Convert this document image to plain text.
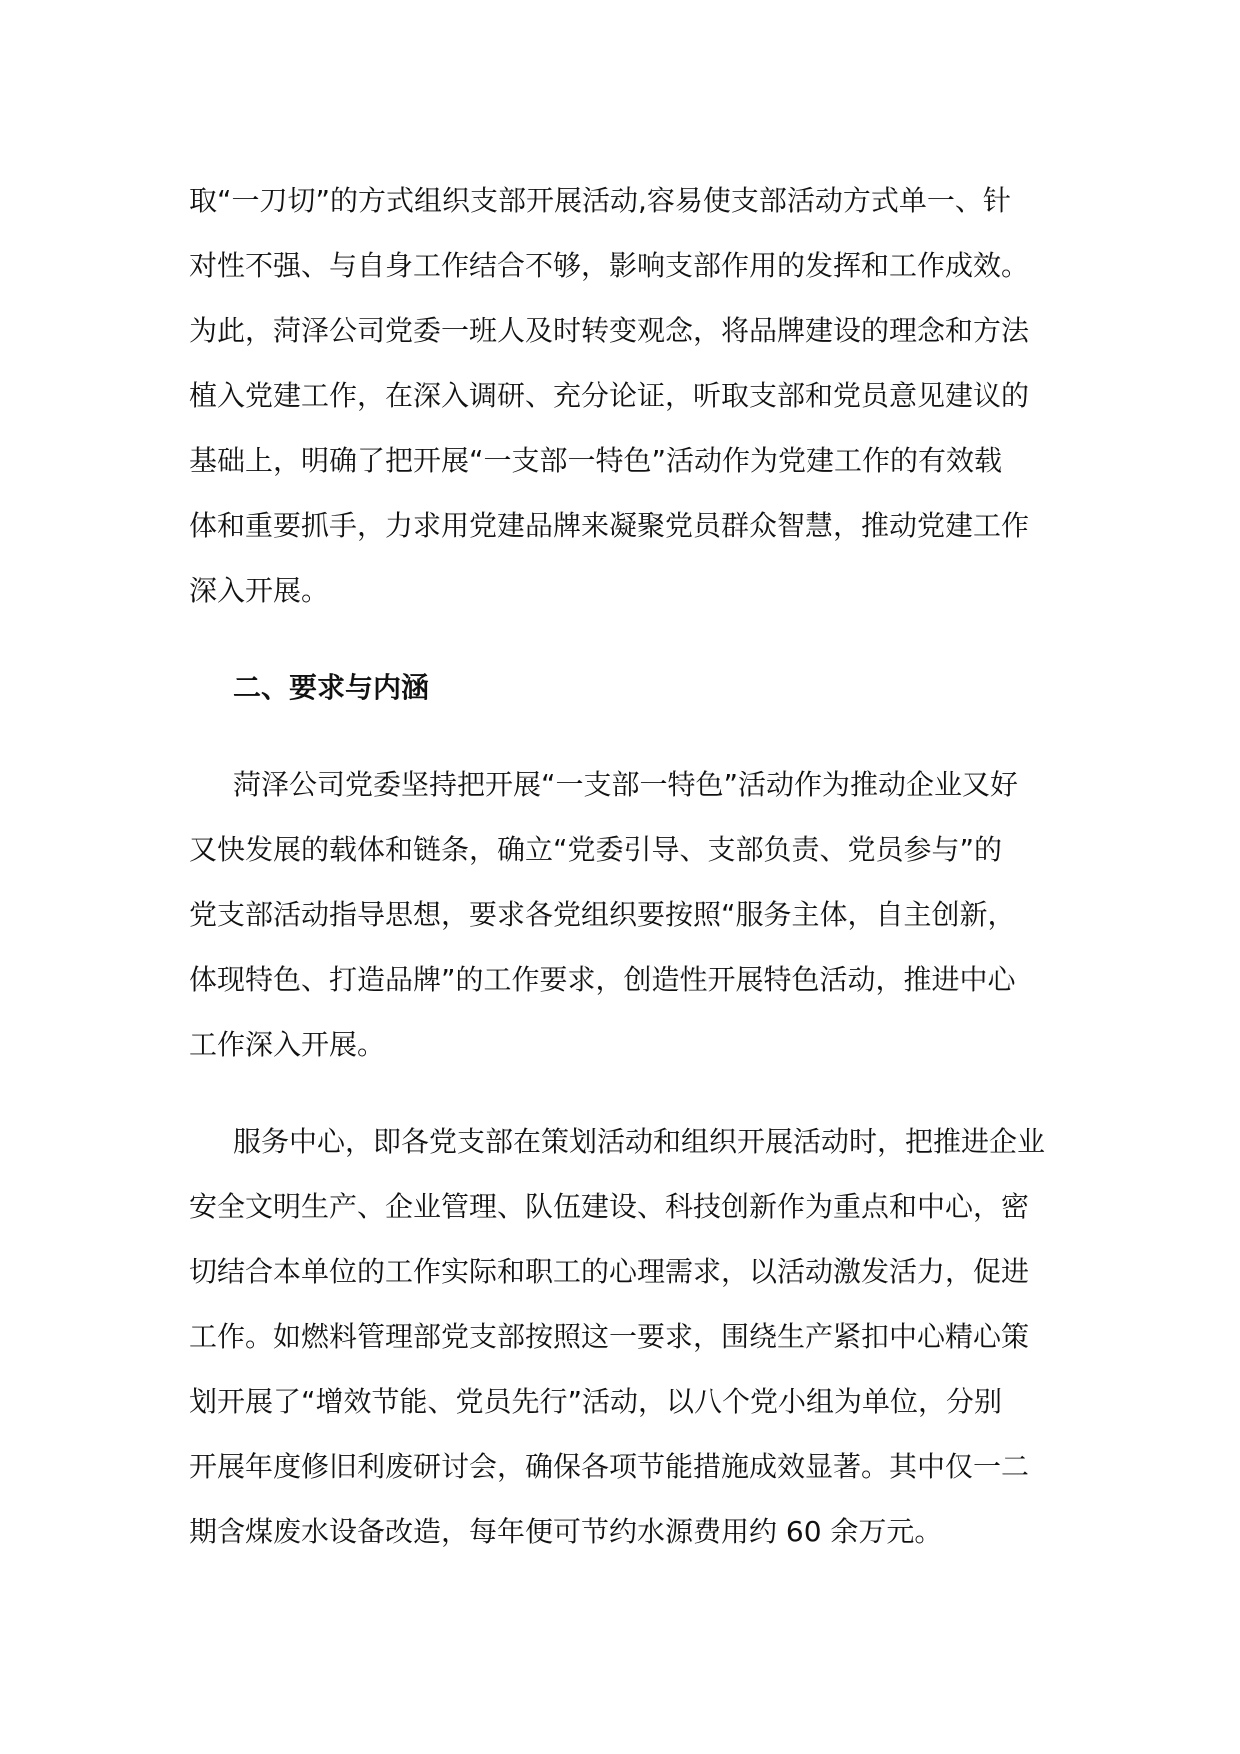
取“一刀切”的方式组织支部开展活动,容易使支部活动方式单一、针
对性不强、与自身工作结合不够，影响支部作用的发挥和工作成效。
为此，菏泽公司党委一班人及时转变观念，将品牌建设的理念和方法
植入党建工作，在深入调研、充分论证，听取支部和党员意见建议的
基础上，明确了把开展“一支部一特色”活动作为党建工作的有效载
体和重要抓手，力求用党建品牌来凝聚党员群众智慧，推动党建工作
深入开展。
二、要求与内涵
菏泽公司党委坚持把开展“一支部一特色”活动作为推动企业又好
又快发展的载体和链条，确立“党委引导、支部负责、党员参与”的
党支部活动指导思想，要求各党组织要按照“服务主体，自主创新，
体现特色、打造品牌”的工作要求，创造性开展特色活动，推进中心
工作深入开展。
服务中心，即各党支部在策划活动和组织开展活动时，把推进企业
安全文明生产、企业管理、队伍建设、科技创新作为重点和中心，密
切结合本单位的工作实际和职工的心理需求，以活动激发活力，促进
工作。如燃料管理部党支部按照这一要求，围绕生产紧扣中心精心策
划开展了“增效节能、党员先行”活动，以八个党小组为单位，分别
开展年度修旧利废研讨会，确保各项节能措施成效显著。其中仅一二
期含煤废水设备改造，每年便可节约水源费用约 60 余万元。
